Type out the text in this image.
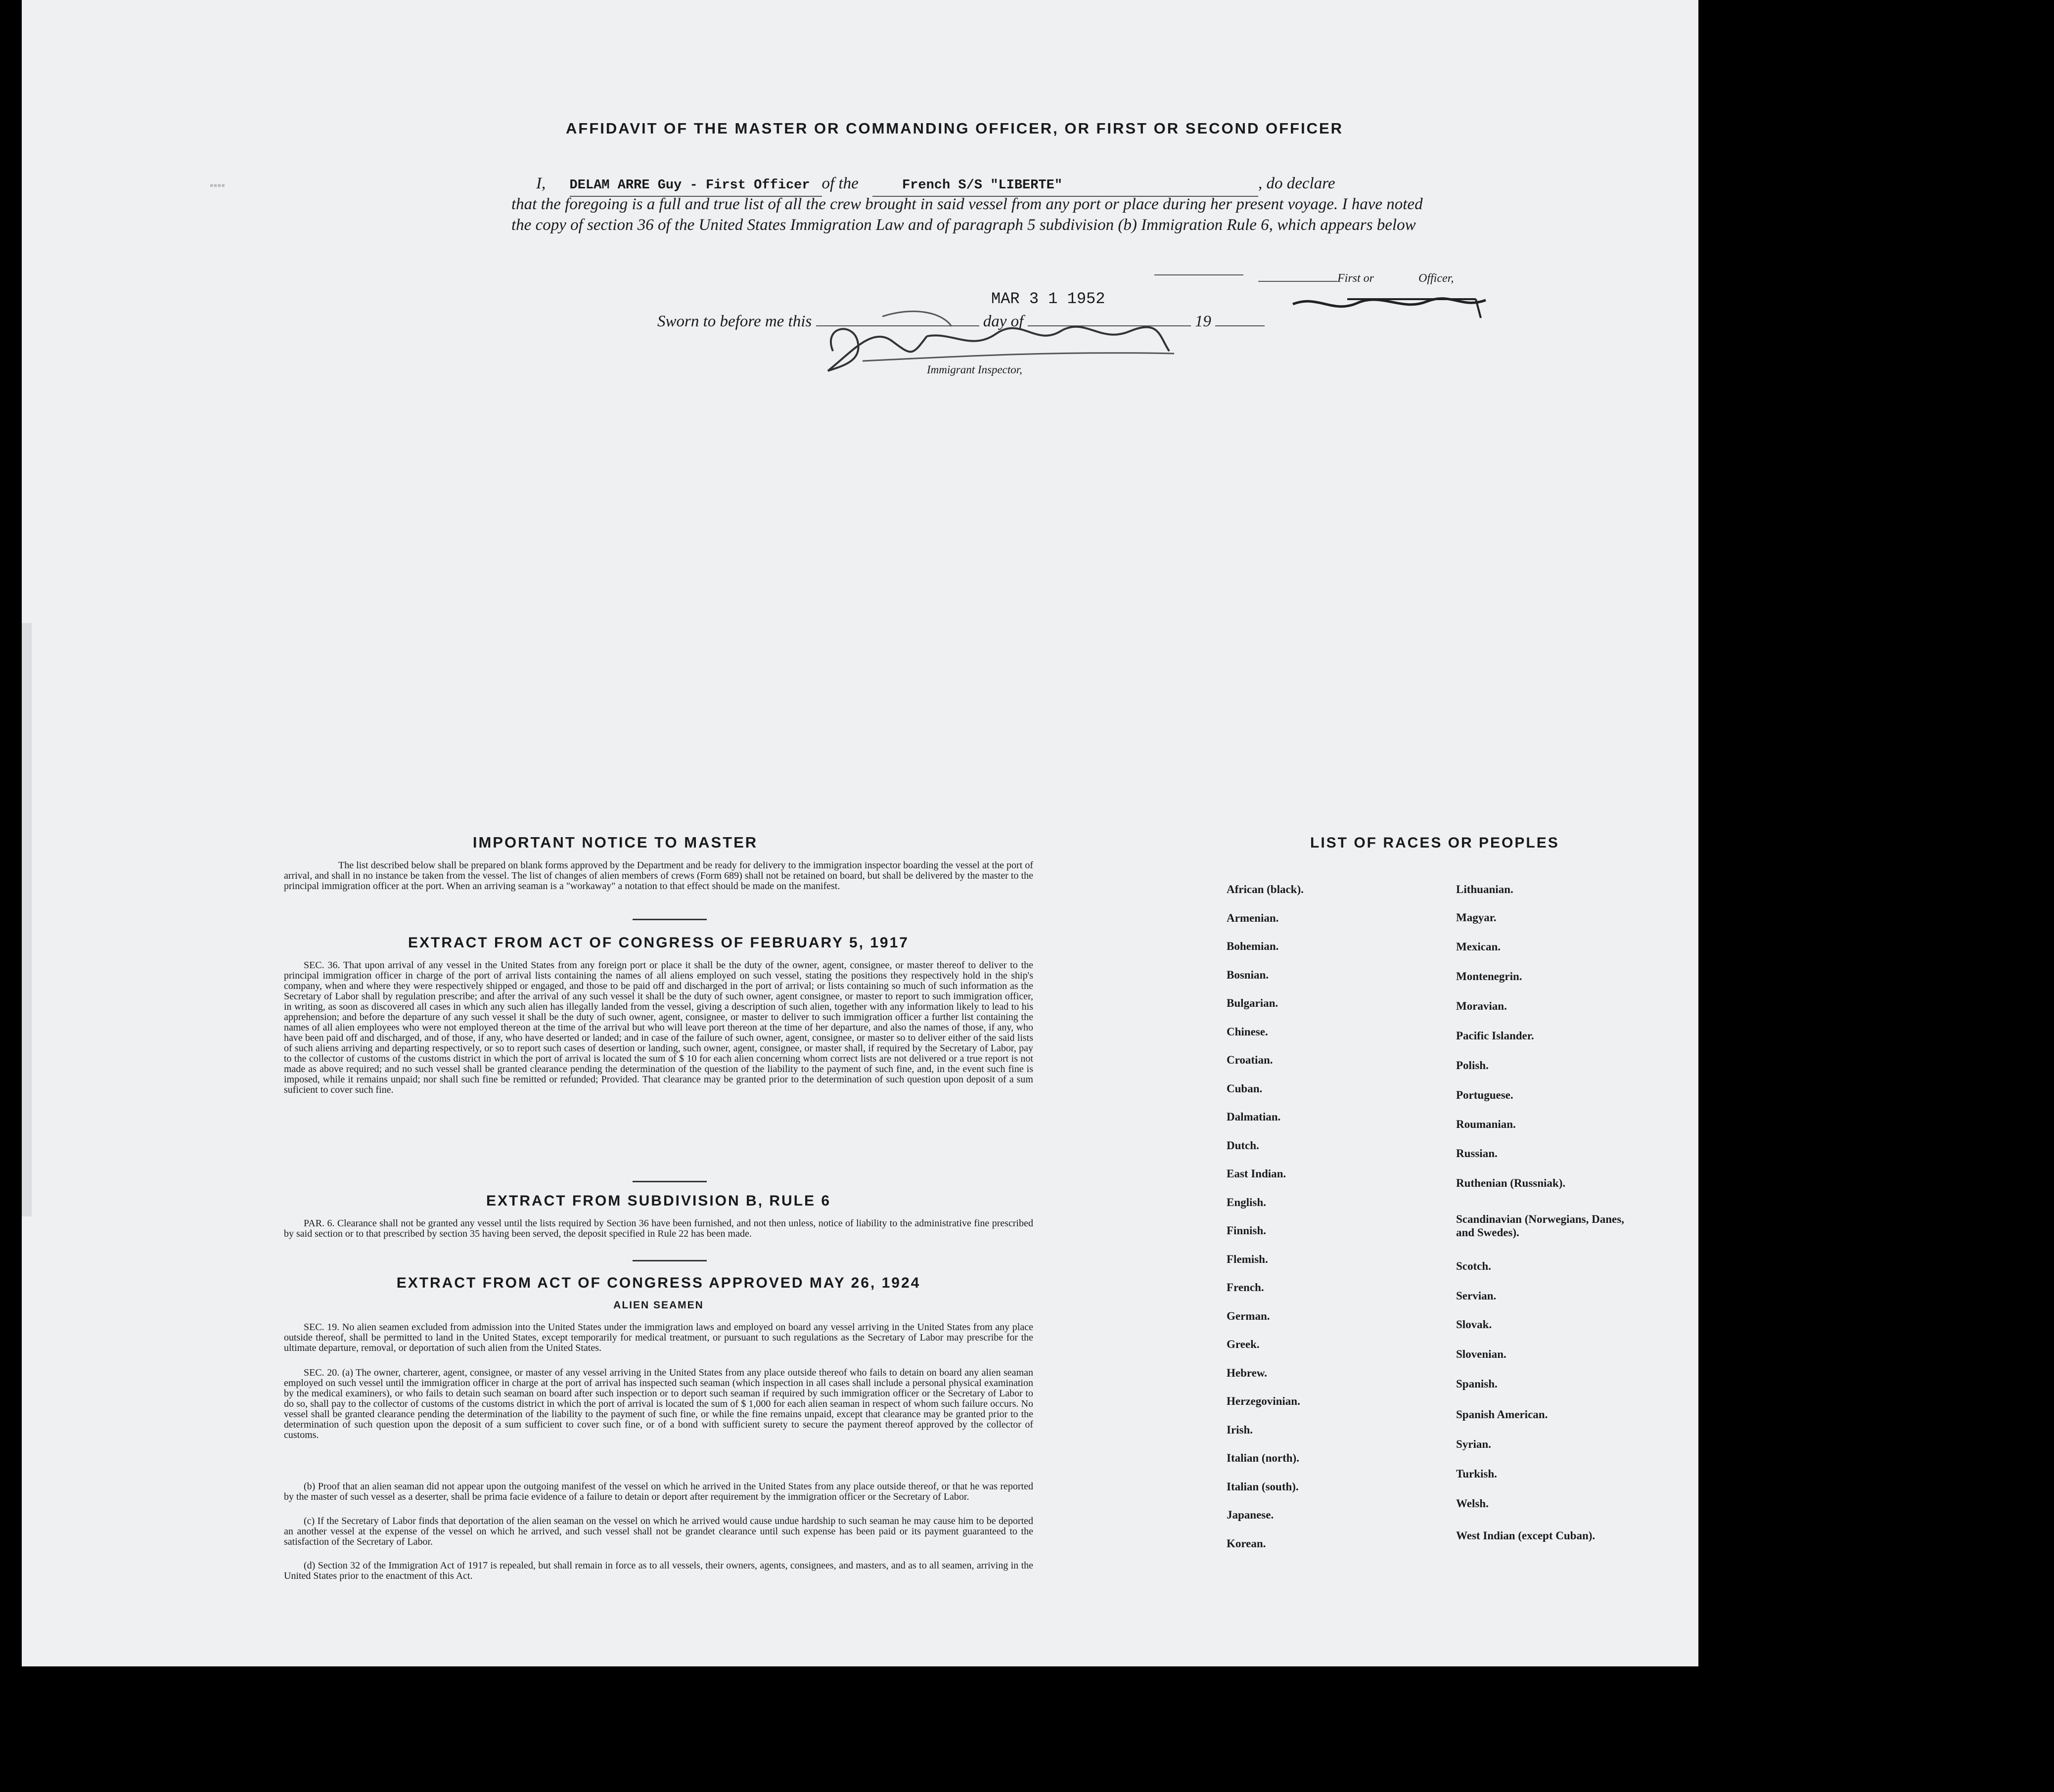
▪▪▪▪
AFFIDAVIT OF THE MASTER OR COMMANDING OFFICER, OR FIRST OR SECOND OFFICER
I, DELAM ARRE Guy - First Officer of the	French S/S "LIBERTE"	, do declare
that the foregoing is a full and true list of all the crew brought in said vessel from any port or place during her present voyage. I have noted the copy of section 36 of the United States Immigration Law and of paragraph 5 subdivision (b) Immigration Rule 6, which appears below
First or	Officer,
MAR 3 1 1952
Sworn to before me this	day of	19
Immigrant Inspector,
IMPORTANT NOTICE TO MASTER
The list described below shall be prepared on blank forms approved by the Department and be ready for delivery to the immigration inspector boarding the vessel at the port of arrival, and shall in no instance be taken from the vessel. The list of changes of alien members of crews (Form 689) shall not be retained on board, but shall be delivered by the master to the principal immigration officer at the port. When an arriving seaman is a "workaway" a notation to that effect should be made on the manifest.
EXTRACT FROM ACT OF CONGRESS OF FEBRUARY 5, 1917
SEC. 36. That upon arrival of any vessel in the United States from any foreign port or place it shall be the duty of the owner, agent, consignee, or master thereof to deliver to the principal immigration officer in charge of the port of arrival lists containing the names of all aliens employed on such vessel, stating the positions they respectively hold in the ship's company, when and where they were respectively shipped or engaged, and those to be paid off and discharged in the port of arrival; or lists containing so much of such information as the Secretary of Labor shall by regulation prescribe; and after the arrival of any such vessel it shall be the duty of such owner, agent consignee, or master to report to such immigration officer, in writing, as soon as discovered all cases in which any such alien has illegally landed from the vessel, giving a description of such alien, together with any information likely to lead to his apprehension; and before the departure of any such vessel it shall be the duty of such owner, agent, consignee, or master to deliver to such immigration officer a further list containing the names of all alien employees who were not employed thereon at the time of the arrival but who will leave port thereon at the time of her departure, and also the names of those, if any, who have been paid off and discharged, and of those, if any, who have deserted or landed; and in case of the failure of such owner, agent, consignee, or master so to deliver either of the said lists of such aliens arriving and departing respectively, or so to report such cases of desertion or landing, such owner, agent, consignee, or master shall, if required by the Secretary of Labor, pay to the collector of customs of the customs district in which the port of arrival is located the sum of $ 10 for each alien concerning whom correct lists are not delivered or a true report is not made as above required; and no such vessel shall be granted clearance pending the determination of the question of the liability to the payment of such fine, and, in the event such fine is imposed, while it remains unpaid; nor shall such fine be remitted or refunded; Provided. That clearance may be granted prior to the determination of such question upon deposit of a sum suficient to cover such fine.
EXTRACT FROM SUBDIVISION B, RULE 6
PAR. 6. Clearance shall not be granted any vessel until the lists required by Section 36 have been furnished, and not then unless, notice of liability to the administrative fine prescribed by said section or to that prescribed by section 35 having been served, the deposit specified in Rule 22 has been made.
EXTRACT FROM ACT OF CONGRESS APPROVED MAY 26, 1924
ALIEN SEAMEN
SEC. 19. No alien seamen excluded from admission into the United States under the immigration laws and employed on board any vessel arriving in the United States from any place outside thereof, shall be permitted to land in the United States, except temporarily for medical treatment, or pursuant to such regulations as the Secretary of Labor may prescribe for the ultimate departure, removal, or deportation of such alien from the United States.
SEC. 20. (a) The owner, charterer, agent, consignee, or master of any vessel arriving in the United States from any place outside thereof who fails to detain on board any alien seaman employed on such vessel until the immigration officer in charge at the port of arrival has inspected such seaman (which inspection in all cases shall include a personal physical examination by the medical examiners), or who fails to detain such seaman on board after such inspection or to deport such seaman if required by such immigration officer or the Secretary of Labor to do so, shall pay to the collector of customs of the customs district in which the port of arrival is located the sum of $ 1,000 for each alien seaman in respect of whom such failure occurs. No vessel shall be granted clearance pending the determination of the liability to the payment of such fine, or while the fine remains unpaid, except that clearance may be granted prior to the determination of such question upon the deposit of a sum sufficient to cover such fine, or of a bond with sufficient surety to secure the payment thereof approved by the collector of customs.
(b) Proof that an alien seaman did not appear upon the outgoing manifest of the vessel on which he arrived in the United States from any place outside thereof, or that he was reported by the master of such vessel as a deserter, shall be prima facie evidence of a failure to detain or deport after requirement by the immigration officer or the Secretary of Labor.
(c) If the Secretary of Labor finds that deportation of the alien seaman on the vessel on which he arrived would cause undue hardship to such seaman he may cause him to be deported an another vessel at the expense of the vessel on which he arrived, and such vessel shall not be grandet clearance until such expense has been paid or its payment guaranteed to the satisfaction of the Secretary of Labor.
(d) Section 32 of the Immigration Act of 1917 is repealed, but shall remain in force as to all vessels, their owners, agents, consignees, and masters, and as to all seamen, arriving in the United States prior to the enactment of this Act.
LIST OF RACES OR PEOPLES
African (black).
Armenian.
Bohemian.
Bosnian.
Bulgarian.
Chinese.
Croatian.
Cuban.
Dalmatian.
Dutch.
East Indian.
English.
Finnish.
Flemish.
French.
German.
Greek.
Hebrew.
Herzegovinian.
Irish.
Italian (north).
Italian (south).
Japanese.
Korean.
Lithuanian.
Magyar.
Mexican.
Montenegrin.
Moravian.
Pacific Islander.
Polish.
Portuguese.
Roumanian.
Russian.
Ruthenian (Russniak).
Scandinavian (Norwegians, Danes, and Swedes).
Scotch.
Servian.
Slovak.
Slovenian.
Spanish.
Spanish American.
Syrian.
Turkish.
Welsh.
West Indian (except Cuban).
